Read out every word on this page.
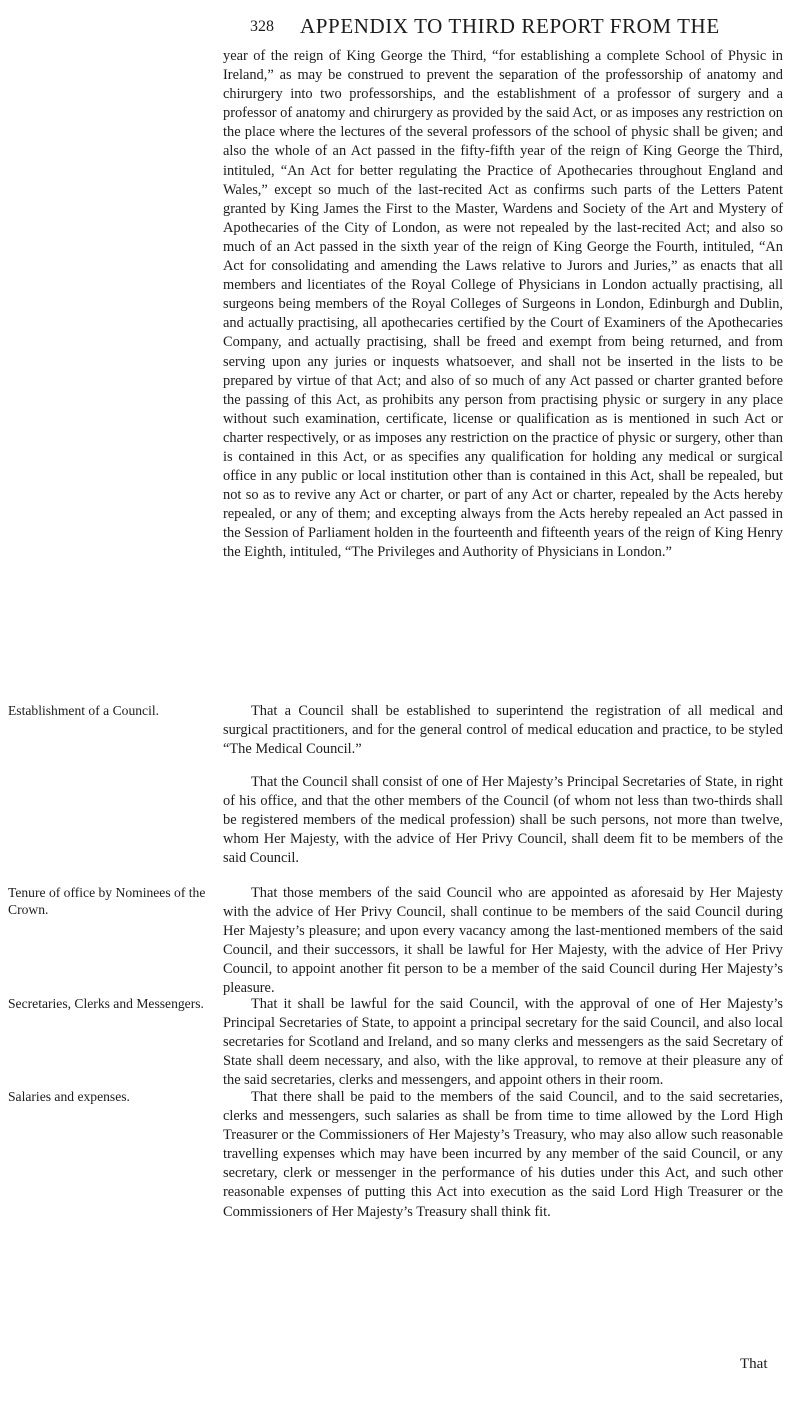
328 APPENDIX TO THIRD REPORT FROM THE

year of the reign of King George the Third, “for establishing a complete School of Physic in Ireland,” as may be construed to prevent the separation of the professorship of anatomy and chirurgery into two professorships, and the establishment of a professor of surgery and a professor of anatomy and chirurgery as provided by the said Act, or as imposes any restriction on the place where the lectures of the several professors of the school of physic shall be given; and also the whole of an Act passed in the fifty-fifth year of the reign of King George the Third, intituled, “An Act for better regulating the Practice of Apothecaries throughout England and Wales,” except so much of the last-recited Act as confirms such parts of the Letters Patent granted by King James the First to the Master, Wardens and Society of the Art and Mystery of Apothecaries of the City of London, as were not repealed by the last-recited Act; and also so much of an Act passed in the sixth year of the reign of King George the Fourth, intituled, “An Act for consolidating and amending the Laws relative to Jurors and Juries,” as enacts that all members and licentiates of the Royal College of Physicians in London actually practising, all surgeons being members of the Royal Colleges of Surgeons in London, Edinburgh and Dublin, and actually practising, all apothecaries certified by the Court of Examiners of the Apothecaries Company, and actually practising, shall be freed and exempt from being returned, and from serving upon any juries or inquests whatsoever, and shall not be inserted in the lists to be prepared by virtue of that Act; and also of so much of any Act passed or charter granted before the passing of this Act, as prohibits any person from practising physic or surgery in any place without such examination, certificate, license or qualification as is mentioned in such Act or charter respectively, or as imposes any restriction on the practice of physic or surgery, other than is contained in this Act, or as specifies any qualification for holding any medical or surgical office in any public or local institution other than is contained in this Act, shall be repealed, but not so as to revive any Act or charter, or part of any Act or charter, repealed by the Acts hereby repealed, or any of them; and excepting always from the Acts hereby repealed an Act passed in the Session of Parliament holden in the fourteenth and fifteenth years of the reign of King Henry the Eighth, intituled, “The Privileges and Authority of Physicians in London.”

Establishment of a Council.	That a Council shall be established to superintend the registration of all medical and surgical practitioners, and for the general control of medical education and practice, to be styled “The Medical Council.”

That the Council shall consist of one of Her Majesty’s Principal Secretaries of State, in right of his office, and that the other members of the Council (of whom not less than two-thirds shall be registered members of the medical profession) shall be such persons, not more than twelve, whom Her Majesty, with the advice of Her Privy Council, shall deem fit to be members of the said Council.

Tenure of office by Nominees of the Crown.

That those members of the said Council who are appointed as aforesaid by Her Majesty with the advice of Her Privy Council, shall continue to be members of the said Council during Her Majesty’s pleasure; and upon every vacancy among the last-mentioned members of the said Council, and their successors, it shall be lawful for Her Majesty, with the advice of Her Privy Council, to appoint another fit person to be a member of the said Council during Her Majesty’s pleasure.

Secretaries, Clerks and Messengers.	That it shall be lawful for the said Council, with the approval of one of Her Majesty’s Principal Secretaries of State, to appoint a principal secretary for the said Council, and also local secretaries for Scotland and Ireland, and so many clerks and messengers as the said Secretary of State shall deem necessary, and also, with the like approval, to remove at their pleasure any of the said secretaries, clerks and messengers, and appoint others in their room.

Salaries and expenses.	That there shall be paid to the members of the said Council, and to the said secretaries, clerks and messengers, such salaries as shall be from time to time allowed by the Lord High Treasurer or the Commissioners of Her Majesty’s Treasury, who may also allow such reasonable travelling expenses which may have been incurred by any member of the said Council, or any secretary, clerk or messenger in the performance of his duties under this Act, and such other reasonable expenses of putting this Act into execution as the said Lord High Treasurer or the Commissioners of Her Majesty’s Treasury shall think fit.

That
